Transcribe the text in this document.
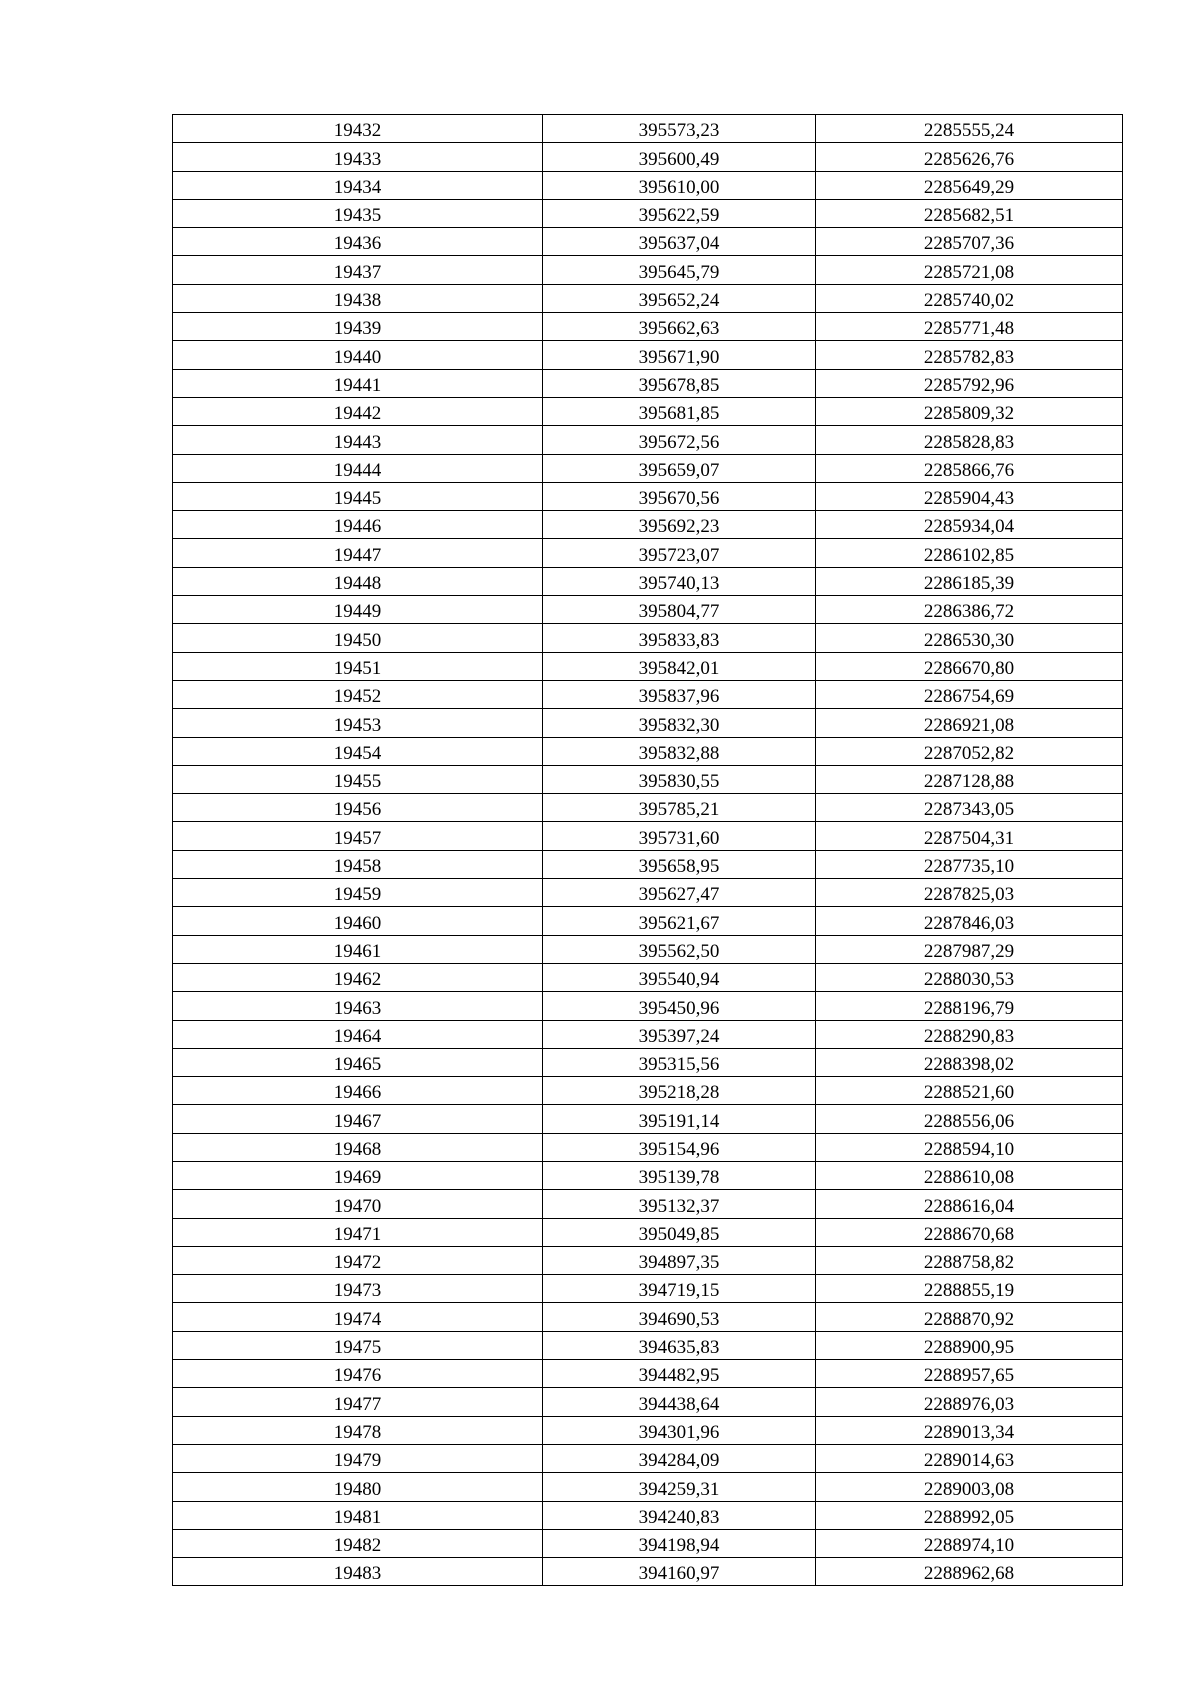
19432	395573,23	2285555,24
19433	395600,49	2285626,76
19434	395610,00	2285649,29
19435	395622,59	2285682,51
19436	395637,04	2285707,36
19437	395645,79	2285721,08
19438	395652,24	2285740,02
19439	395662,63	2285771,48
19440	395671,90	2285782,83
19441	395678,85	2285792,96
19442	395681,85	2285809,32
19443	395672,56	2285828,83
19444	395659,07	2285866,76
19445	395670,56	2285904,43
19446	395692,23	2285934,04
19447	395723,07	2286102,85
19448	395740,13	2286185,39
19449	395804,77	2286386,72
19450	395833,83	2286530,30
19451	395842,01	2286670,80
19452	395837,96	2286754,69
19453	395832,30	2286921,08
19454	395832,88	2287052,82
19455	395830,55	2287128,88
19456	395785,21	2287343,05
19457	395731,60	2287504,31
19458	395658,95	2287735,10
19459	395627,47	2287825,03
19460	395621,67	2287846,03
19461	395562,50	2287987,29
19462	395540,94	2288030,53
19463	395450,96	2288196,79
19464	395397,24	2288290,83
19465	395315,56	2288398,02
19466	395218,28	2288521,60
19467	395191,14	2288556,06
19468	395154,96	2288594,10
19469	395139,78	2288610,08
19470	395132,37	2288616,04
19471	395049,85	2288670,68
19472	394897,35	2288758,82
19473	394719,15	2288855,19
19474	394690,53	2288870,92
19475	394635,83	2288900,95
19476	394482,95	2288957,65
19477	394438,64	2288976,03
19478	394301,96	2289013,34
19479	394284,09	2289014,63
19480	394259,31	2289003,08
19481	394240,83	2288992,05
19482	394198,94	2288974,10
19483	394160,97	2288962,68
